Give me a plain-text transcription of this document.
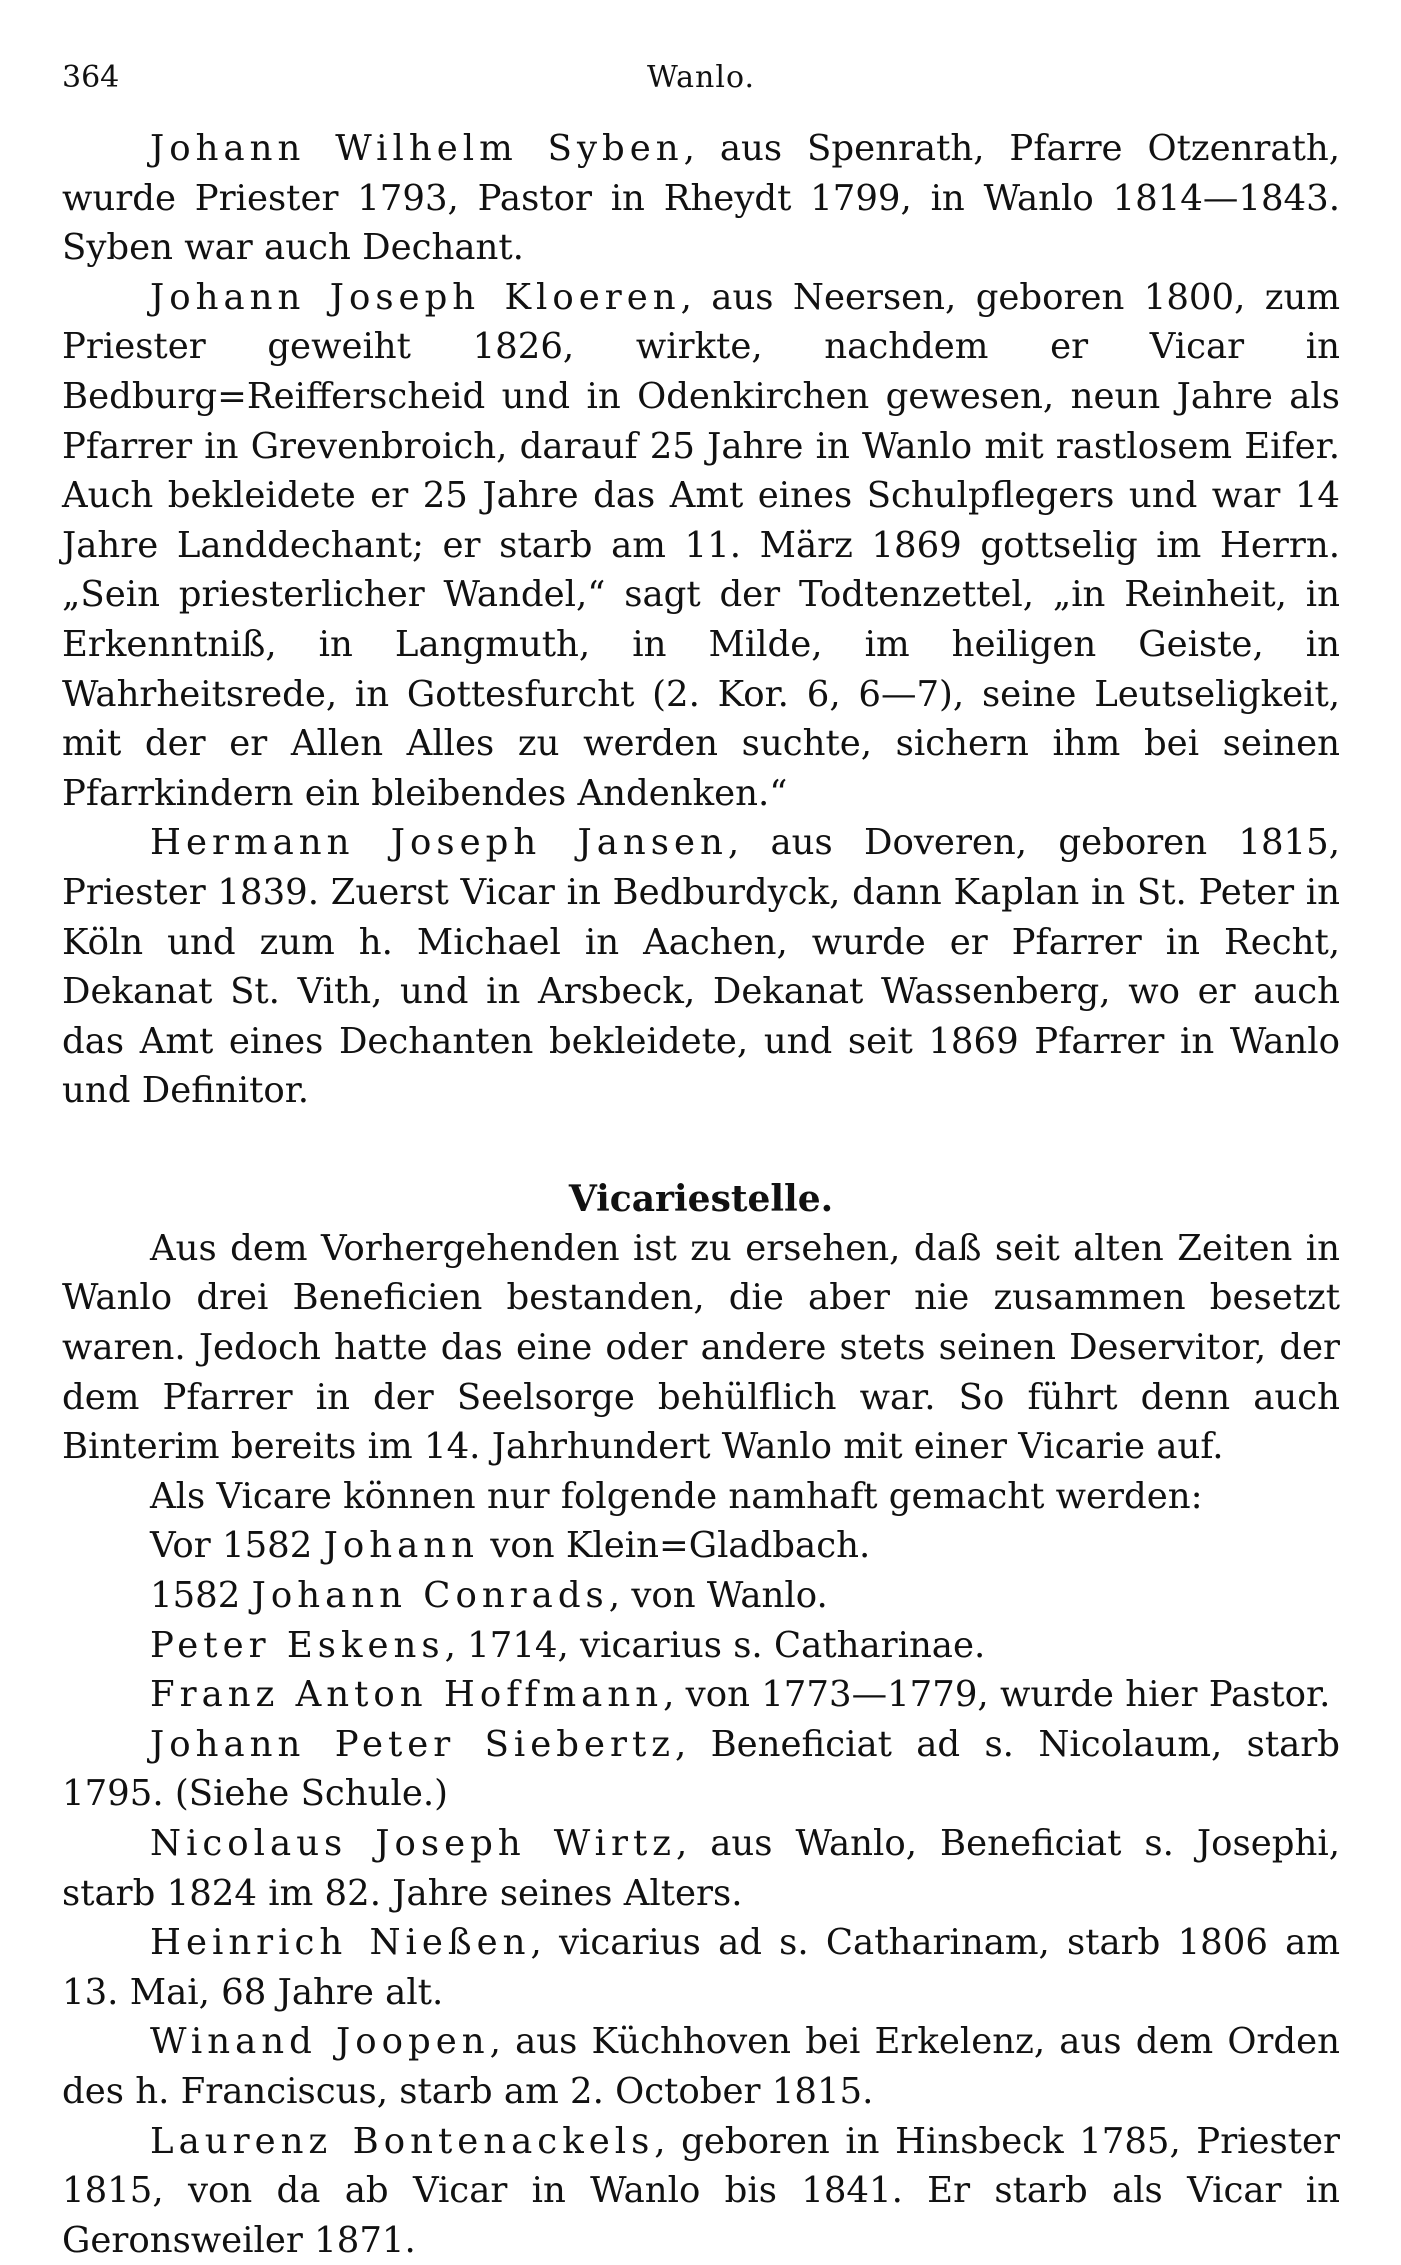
364	Wanlo.

Johann Wilhelm Syben, aus Spenrath, Pfarre Otzenrath, wurde Priester 1793, Pastor in Rheydt 1799, in Wanlo 1814—1843. Syben war auch Dechant.

Johann Joseph Kloeren, aus Neersen, geboren 1800, zum Priester geweiht 1826, wirkte, nachdem er Vicar in Bedburg=Reifferscheid und in Odenkirchen gewesen, neun Jahre als Pfarrer in Grevenbroich, darauf 25 Jahre in Wanlo mit rastlosem Eifer. Auch bekleidete er 25 Jahre das Amt eines Schulpflegers und war 14 Jahre Landdechant; er starb am 11. März 1869 gottselig im Herrn. „Sein priesterlicher Wandel,“ sagt der Todtenzettel, „in Reinheit, in Erkenntniß, in Langmuth, in Milde, im heiligen Geiste, in Wahrheitsrede, in Gottesfurcht (2. Kor. 6, 6—7), seine Leutseligkeit, mit der er Allen Alles zu werden suchte, sichern ihm bei seinen Pfarrkindern ein bleibendes Andenken.“

Hermann Joseph Jansen, aus Doveren, geboren 1815, Priester 1839. Zuerst Vicar in Bedburdyck, dann Kaplan in St. Peter in Köln und zum h. Michael in Aachen, wurde er Pfarrer in Recht, Dekanat St. Vith, und in Arsbeck, Dekanat Wassenberg, wo er auch das Amt eines Dechanten bekleidete, und seit 1869 Pfarrer in Wanlo und Definitor.

Vicariestelle.

Aus dem Vorhergehenden ist zu ersehen, daß seit alten Zeiten in Wanlo drei Beneficien bestanden, die aber nie zusammen besetzt waren. Jedoch hatte das eine oder andere stets seinen Deservitor, der dem Pfarrer in der Seelsorge behülflich war. So führt denn auch Binterim bereits im 14. Jahrhundert Wanlo mit einer Vicarie auf.

Als Vicare können nur folgende namhaft gemacht werden:

Vor 1582 Johann von Klein=Gladbach.

1582 Johann Conrads, von Wanlo.

Peter Eskens, 1714, vicarius s. Catharinae.

Franz Anton Hoffmann, von 1773—1779, wurde hier Pastor.

Johann Peter Siebertz, Beneficiat ad s. Nicolaum, starb 1795. (Siehe Schule.)

Nicolaus Joseph Wirtz, aus Wanlo, Beneficiat s. Josephi, starb 1824 im 82. Jahre seines Alters.

Heinrich Nießen, vicarius ad s. Catharinam, starb 1806 am 13. Mai, 68 Jahre alt.

Winand Joopen, aus Küchhoven bei Erkelenz, aus dem Orden des h. Franciscus, starb am 2. October 1815.

Laurenz Bontenackels, geboren in Hinsbeck 1785, Priester 1815, von da ab Vicar in Wanlo bis 1841. Er starb als Vicar in Geronsweiler 1871.
